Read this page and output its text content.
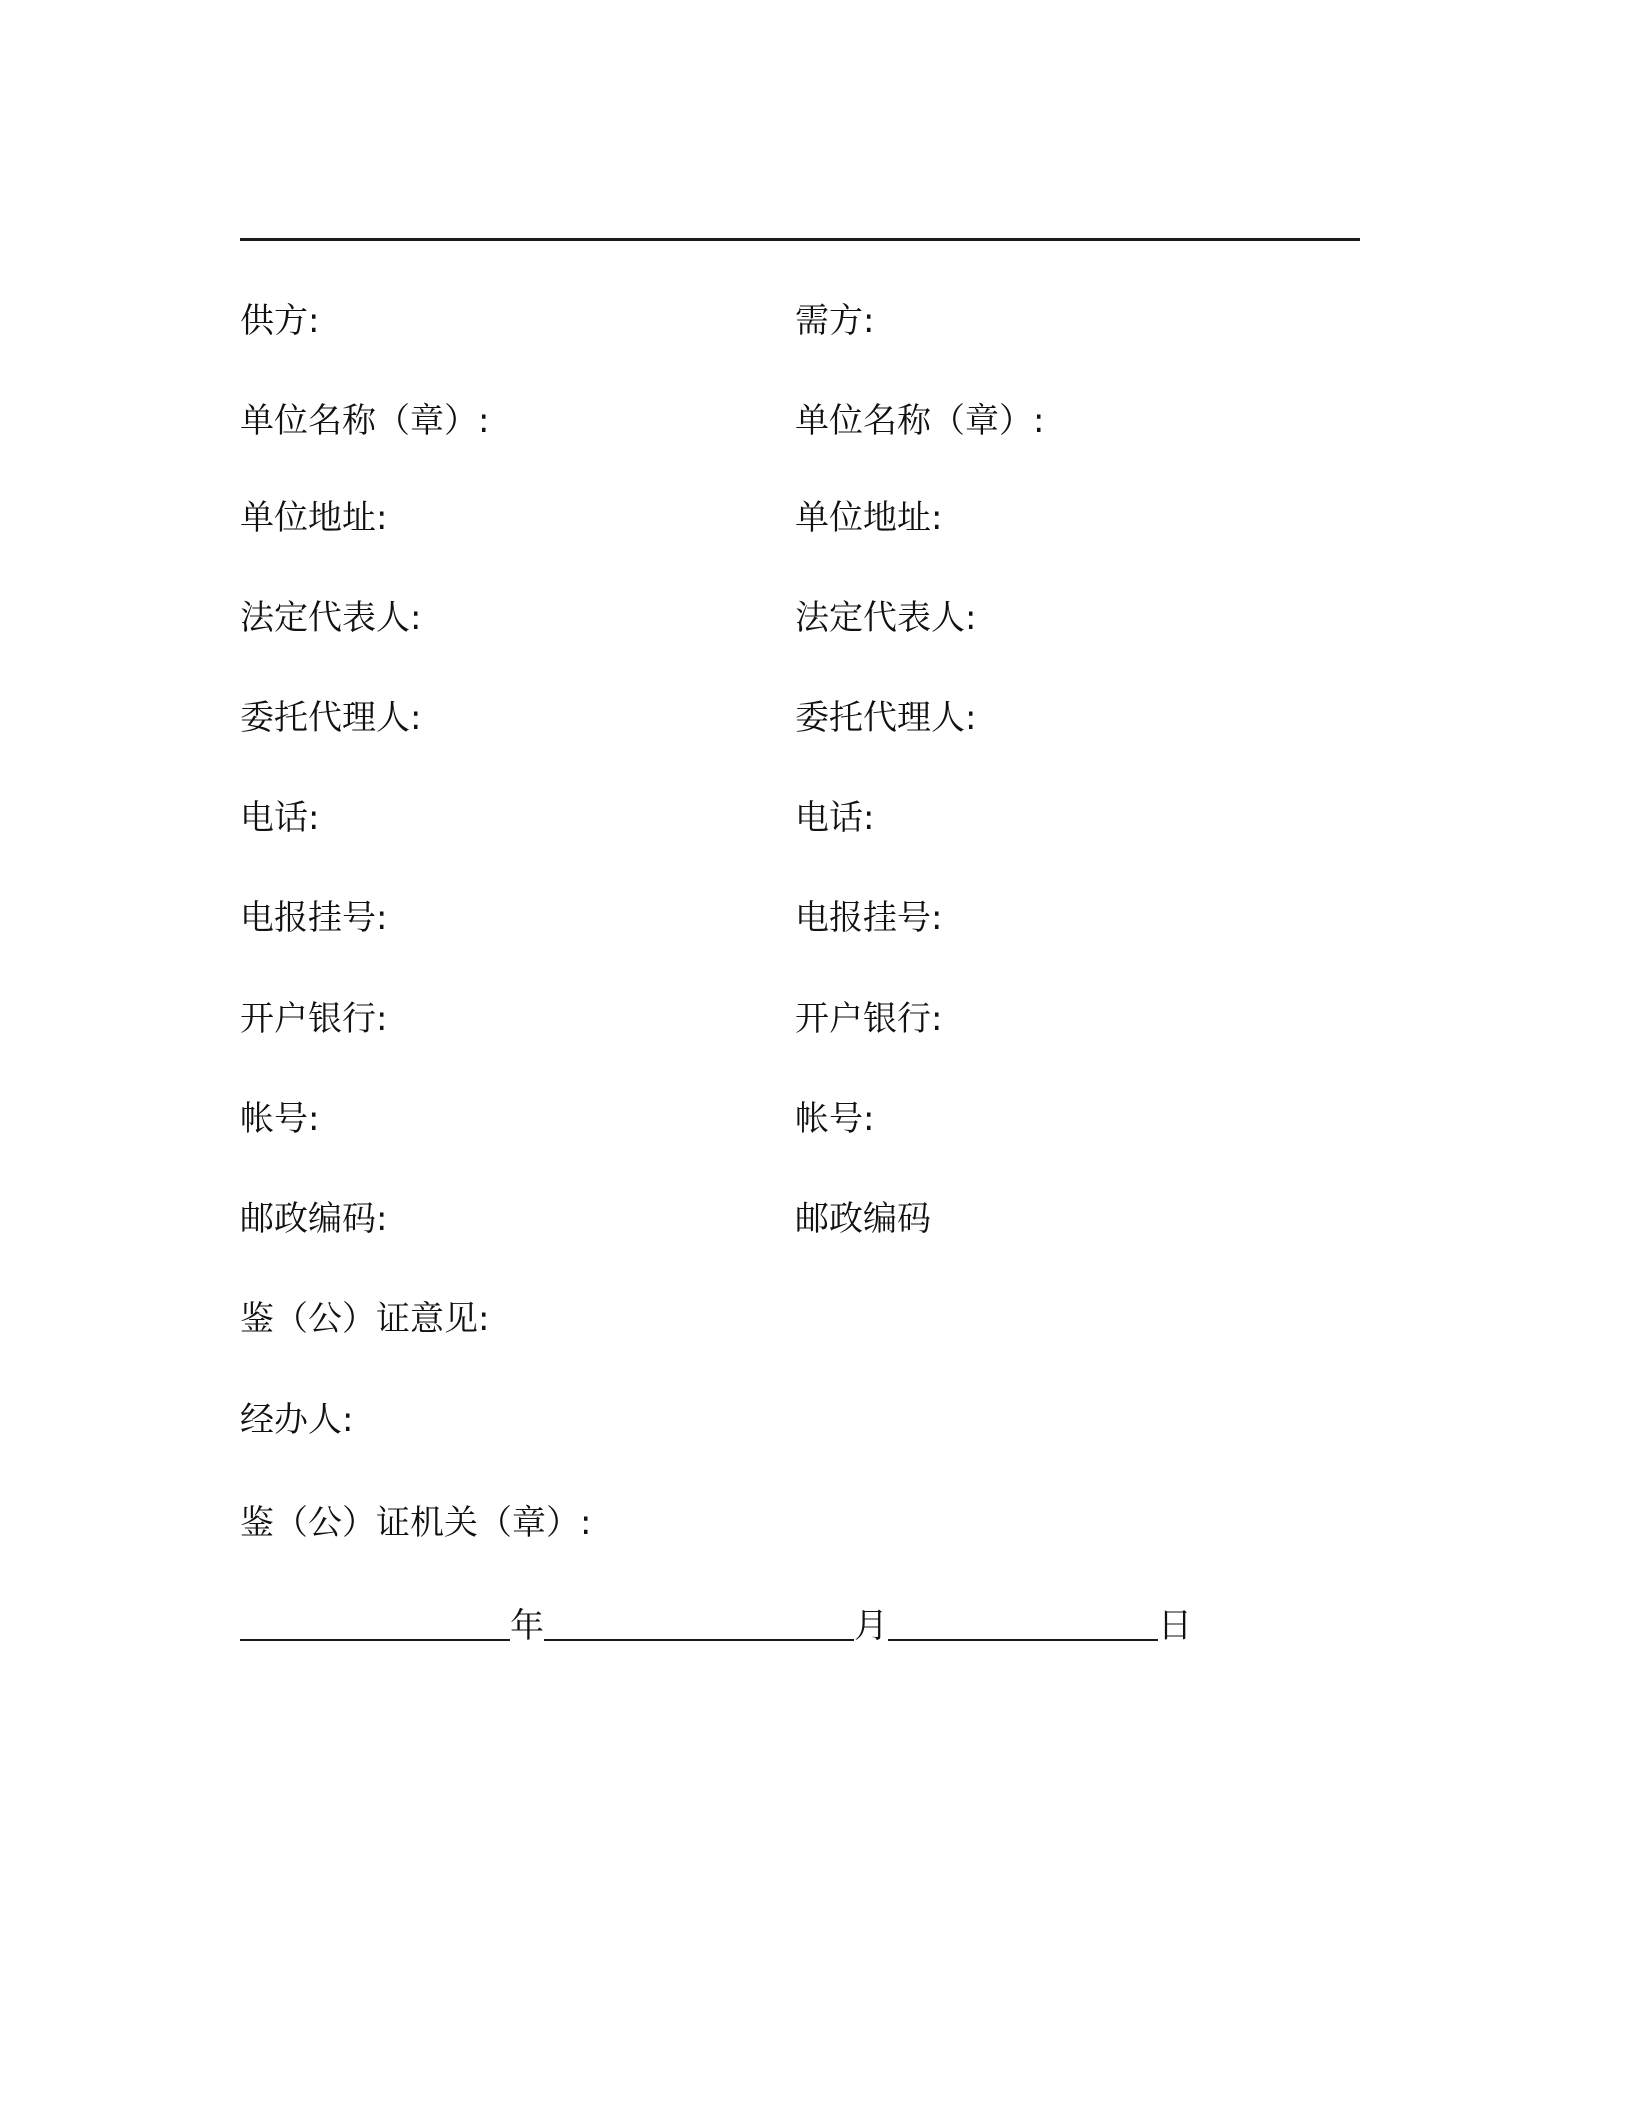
供方:	需方:
单位名称（章）:	单位名称（章）:
单位地址:	单位地址:
法定代表人:	法定代表人:
委托代理人:	委托代理人:
电话:	电话:
电报挂号:	电报挂号:
开户银行:	开户银行:
帐号:	帐号:
邮政编码:	邮政编码
鉴（公）证意见:
经办人:
鉴（公）证机关（章）:
年	月	日
